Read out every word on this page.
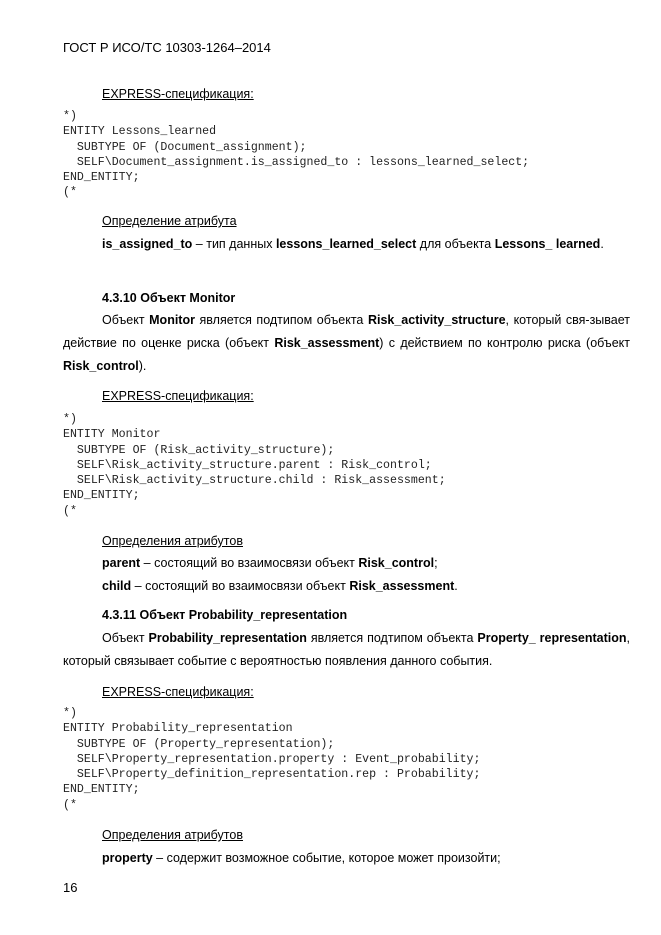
ГОСТ Р ИСО/ТС 10303-1264–2014
EXPRESS-спецификация:
*)
ENTITY Lessons_learned
SUBTYPE OF (Document_assignment);
SELF\Document_assignment.is_assigned_to : lessons_learned_select;
END_ENTITY;
(*
Определение атрибута
is_assigned_to – тип данных lessons_learned_select для объекта Lessons_ learned.
4.3.10 Объект Monitor
Объект Monitor является подтипом объекта Risk_activity_structure, который свя-зывает действие по оценке риска (объект Risk_assessment) с действием по контролю риска (объект Risk_control).
EXPRESS-спецификация:
*)
ENTITY Monitor
SUBTYPE OF (Risk_activity_structure);
SELF\Risk_activity_structure.parent : Risk_control;
SELF\Risk_activity_structure.child : Risk_assessment;
END_ENTITY;
(*
Определения атрибутов
parent – состоящий во взаимосвязи объект Risk_control;
child – состоящий во взаимосвязи объект Risk_assessment.
4.3.11 Объект Probability_representation
Объект Probability_representation является подтипом объекта Property_ representation, который связывает событие с вероятностью появления данного события.
EXPRESS-спецификация:
*)
ENTITY Probability_representation
SUBTYPE OF (Property_representation);
SELF\Property_representation.property : Event_probability;
SELF\Property_definition_representation.rep : Probability;
END_ENTITY;
(*
Определения атрибутов
property – содержит возможное событие, которое может произойти;
16
